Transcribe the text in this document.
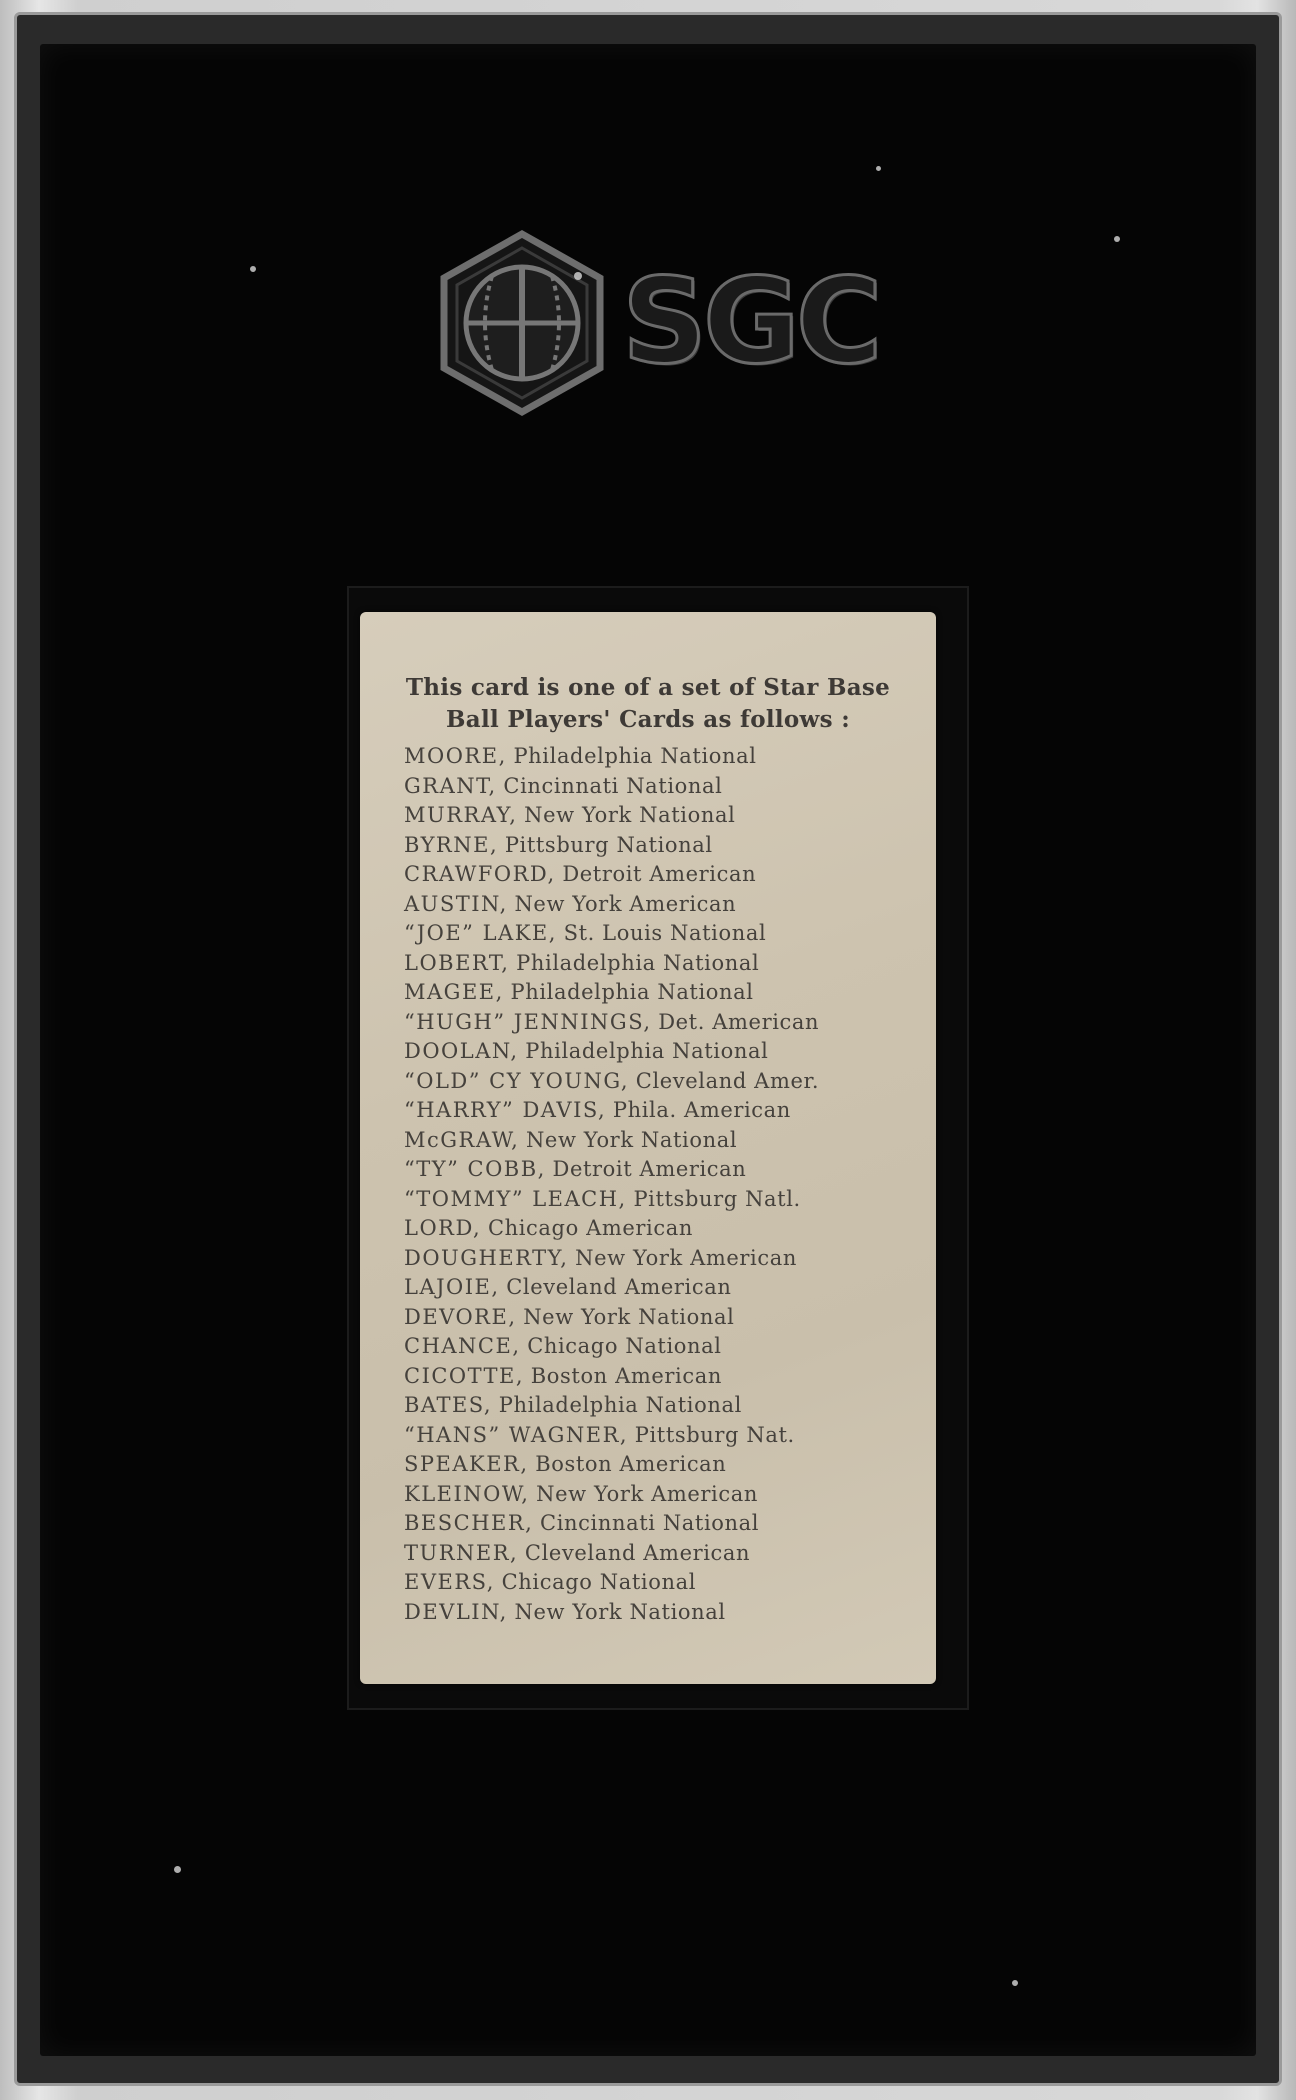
SGC
This card is one of a set of Star Base
Ball Players' Cards as follows :
MOORE, Philadelphia National
GRANT, Cincinnati National
MURRAY, New York National
BYRNE, Pittsburg National
CRAWFORD, Detroit American
AUSTIN, New York American
“JOE” LAKE, St. Louis National
LOBERT, Philadelphia National
MAGEE, Philadelphia National
“HUGH” JENNINGS, Det. American
DOOLAN, Philadelphia National
“OLD” CY YOUNG, Cleveland Amer.
“HARRY” DAVIS, Phila. American
McGRAW, New York National
“TY” COBB, Detroit American
“TOMMY” LEACH, Pittsburg Natl.
LORD, Chicago American
DOUGHERTY, New York American
LAJOIE, Cleveland American
DEVORE, New York National
CHANCE, Chicago National
CICOTTE, Boston American
BATES, Philadelphia National
“HANS” WAGNER, Pittsburg Nat.
SPEAKER, Boston American
KLEINOW, New York American
BESCHER, Cincinnati National
TURNER, Cleveland American
EVERS, Chicago National
DEVLIN, New York National
